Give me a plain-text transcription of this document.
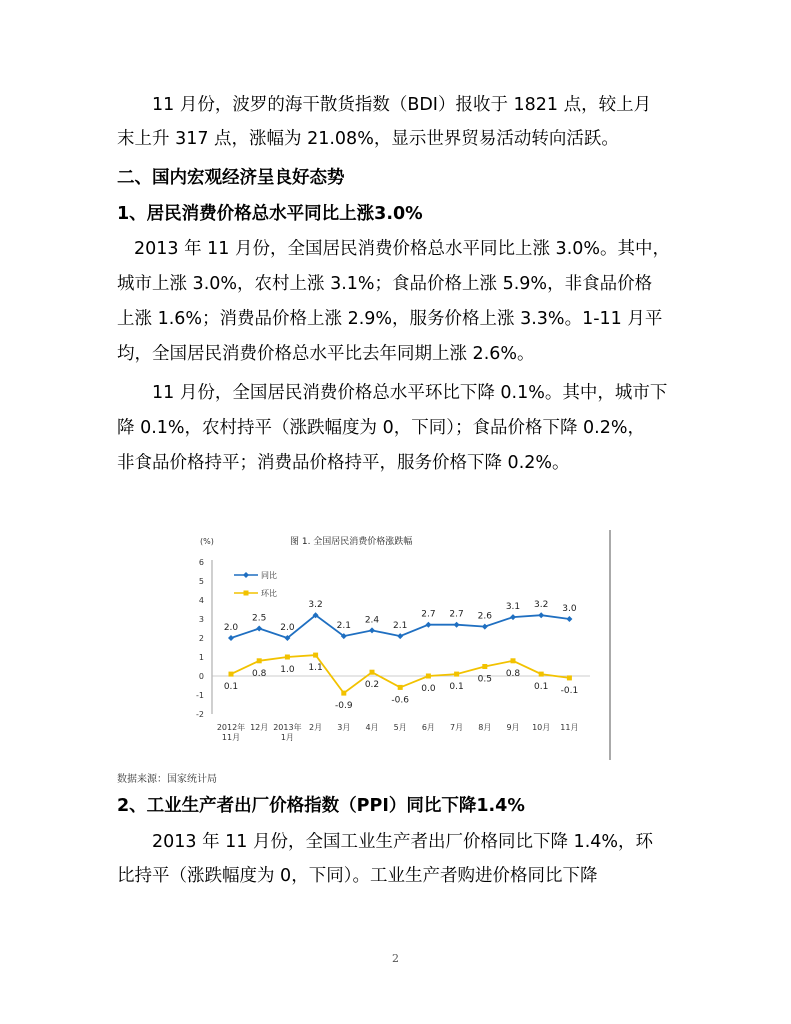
11 月份，波罗的海干散货指数（BDI）报收于 1821 点，较上月
末上升 317 点，涨幅为 21.08%，显示世界贸易活动转向活跃。
二、国内宏观经济呈良好态势
1、居民消费价格总水平同比上涨3.0%
2013 年 11 月份，全国居民消费价格总水平同比上涨 3.0%。其中，
城市上涨 3.0%，农村上涨 3.1%；食品价格上涨 5.9%，非食品价格
上涨 1.6%；消费品价格上涨 2.9%，服务价格上涨 3.3%。1-11 月平
均，全国居民消费价格总水平比去年同期上涨 2.6%。
11 月份，全国居民消费价格总水平环比下降 0.1%。其中，城市下
降 0.1%，农村持平（涨跌幅度为 0，下同）；食品价格下降 0.2%，
非食品价格持平；消费品价格持平，服务价格下降 0.2%。
(%)	图 1. 全国居民消费价格涨跌幅
-2
-1
0
1
2
3
4
5
6
2012年
11月
12月 2013年
1月
2月 3月 4月 5月 6月 7月 8月 9月 10月 11月
2.0
2.5
2.0
3.2
2.1
2.4
2.1
2.7 2.7 2.6
3.1 3.2 3.0
0.1
0.8 1.0 1.1
-0.9
0.2
-0.6
0.0 0.1
0.5
0.8
0.1 -0.1
同比
环比
数据来源：国家统计局
2、工业生产者出厂价格指数（PPI）同比下降1.4%
2013 年 11 月份，全国工业生产者出厂价格同比下降 1.4%，环
比持平（涨跌幅度为 0，下同）。工业生产者购进价格同比下降
2
